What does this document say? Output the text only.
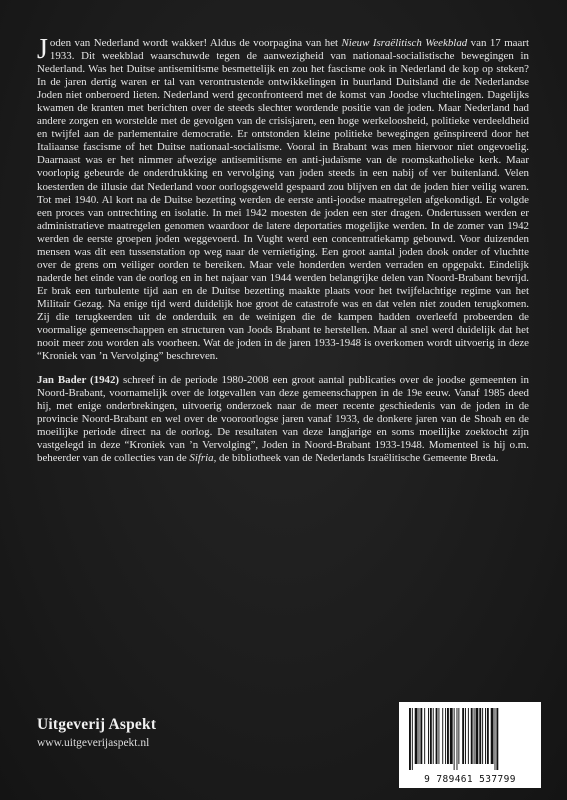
Joden van Nederland wordt wakker! Aldus de voorpagina van het Nieuw Israëlitisch Weekblad van 17 maart 1933. Dit weekblad waarschuwde tegen de aanwezigheid van nationaal-socialistische bewegingen in Nederland. Was het Duitse antisemitisme besmettelijk en zou het fascisme ook in Nederland de kop op steken? In de jaren dertig waren er tal van verontrustende ontwikkelingen in buurland Duitsland die de Nederlandse Joden niet onberoerd lieten. Nederland werd geconfronteerd met de komst van Joodse vluchtelingen. Dagelijks kwamen de kranten met berichten over de steeds slechter wordende positie van de joden. Maar Nederland had andere zorgen en worstelde met de gevolgen van de crisisjaren, een hoge werkeloosheid, politieke verdeeldheid en twijfel aan de parlementaire democratie. Er ontstonden kleine politieke bewegingen geïnspireerd door het Italiaanse fascisme of het Duitse nationaal-socialisme. Vooral in Brabant was men hiervoor niet ongevoelig. Daarnaast was er het nimmer afwezige antisemitisme en anti-judaïsme van de roomskatholieke kerk. Maar voorlopig gebeurde de onderdrukking en vervolging van joden steeds in een nabij of ver buitenland. Velen koesterden de illusie dat Nederland voor oorlogsgeweld gespaard zou blijven en dat de joden hier veilig waren. Tot mei 1940. Al kort na de Duitse bezetting werden de eerste anti-joodse maatregelen afgekondigd. Er volgde een proces van ontrechting en isolatie. In mei 1942 moesten de joden een ster dragen. Ondertussen werden er administratieve maatregelen genomen waardoor de latere deportaties mogelijke werden. In de zomer van 1942 werden de eerste groepen joden weggevoerd. In Vught werd een concentratiekamp gebouwd. Voor duizenden mensen was dit een tussenstation op weg naar de vernietiging. Een groot aantal joden dook onder of vluchtte over de grens om veiliger oorden te bereiken. Maar vele honderden werden verraden en opgepakt. Eindelijk naderde het einde van de oorlog en in het najaar van 1944 werden belangrijke delen van Noord-Brabant bevrijd. Er brak een turbulente tijd aan en de Duitse bezetting maakte plaats voor het twijfelachtige regime van het Militair Gezag. Na enige tijd werd duidelijk hoe groot de catastrofe was en dat velen niet zouden terugkomen. Zij die terugkeerden uit de onderduik en de weinigen die de kampen hadden overleefd probeerden de voormalige gemeenschappen en structuren van Joods Brabant te herstellen. Maar al snel werd duidelijk dat het nooit meer zou worden als voorheen. Wat de joden in de jaren 1933-1948 is overkomen wordt uitvoerig in deze “Kroniek van ’n Vervolging” beschreven.

Jan Bader (1942) schreef in de periode 1980-2008 een groot aantal publicaties over de joodse gemeenten in Noord-Brabant, voornamelijk over de lotgevallen van deze gemeenschappen in de 19e eeuw. Vanaf 1985 deed hij, met enige onderbrekingen, uitvoerig onderzoek naar de meer recente geschiedenis van de joden in de provincie Noord-Brabant en wel over de vooroorlogse jaren vanaf 1933, de donkere jaren van de Shoah en de moeilijke periode direct na de oorlog. De resultaten van deze langjarige en soms moeilijke zoektocht zijn vastgelegd in deze “Kroniek van ’n Vervolging”, Joden in Noord-Brabant 1933-1948. Momenteel is hij o.m. beheerder van de collecties van de Sifria, de bibliotheek van de Nederlands Israëlitische Gemeente Breda.

Uitgeverij Aspekt
www.uitgeverijaspekt.nl
9 789461 537799
